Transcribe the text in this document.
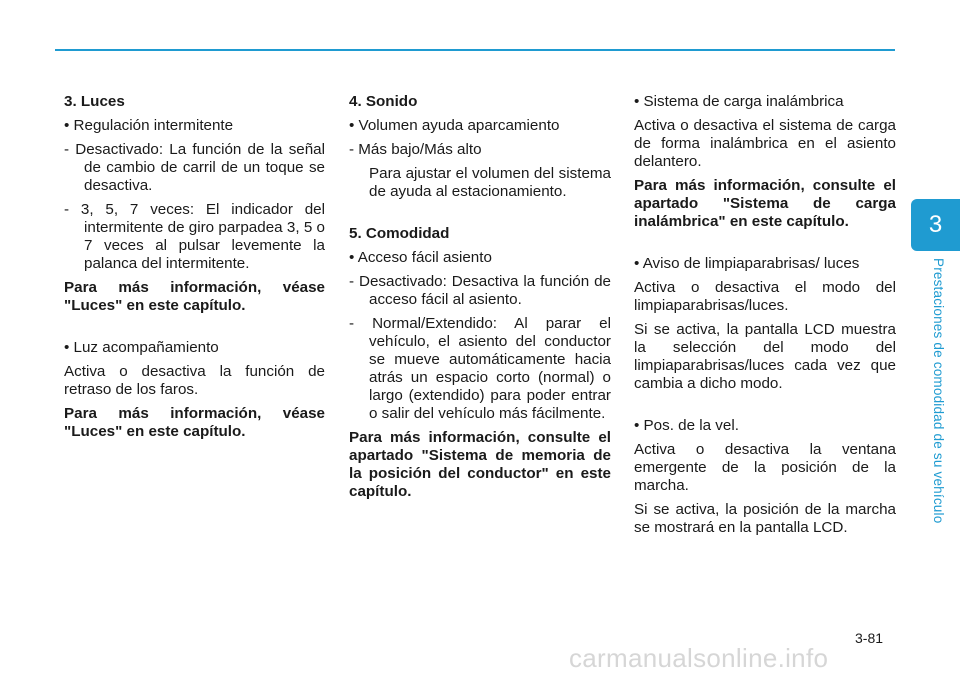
3. Luces

• Regulación intermitente

- Desactivado: La función de la señal de cambio de carril de un toque se desactiva.

- 3, 5, 7 veces: El indicador del intermitente de giro parpadea 3, 5 o 7 veces al pulsar levemente la palanca del intermitente.

Para más información, véase "Luces" en este capítulo.

• Luz acompañamiento

Activa o desactiva la función de retraso de los faros.

Para más información, véase "Luces" en este capítulo.

4. Sonido

• Volumen ayuda aparcamiento

- Más bajo/Más alto

Para ajustar el volumen del sistema de ayuda al estacionamiento.

5. Comodidad

• Acceso fácil asiento

- Desactivado: Desactiva la función de acceso fácil al asiento.

- Normal/Extendido: Al parar el vehículo, el asiento del conductor se mueve automáticamente hacia atrás un espacio corto (normal) o largo (extendido) para poder entrar o salir del vehículo más fácilmente.

Para más información, consulte el apartado "Sistema de memoria de la posición del conductor" en este capítulo.

• Sistema de carga inalámbrica

Activa o desactiva el sistema de carga de forma inalámbrica en el asiento delantero.

Para más información, consulte el apartado "Sistema de carga inalámbrica" en este capítulo.

• Aviso de limpiaparabrisas/ luces

Activa o desactiva el modo del limpiaparabrisas/luces.

Si se activa, la pantalla LCD muestra la selección del modo del limpiaparabrisas/luces cada vez que cambia a dicho modo.

• Pos. de la vel.

Activa o desactiva la ventana emergente de la posición de la marcha.

Si se activa, la posición de la marcha se mostrará en la pantalla LCD.

3
Prestaciones de comodidad de su vehículo
3-81
carmanualsonline.info
